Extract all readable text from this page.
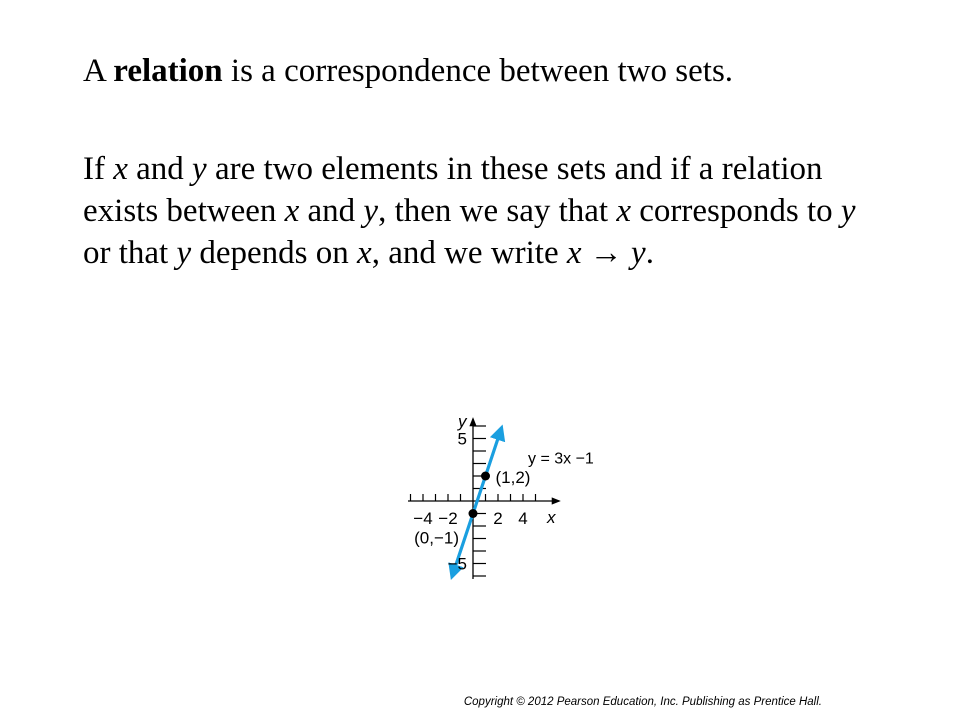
A relation is a correspondence between two sets.
If x and y are two elements in these sets and if a relation exists between x and y, then we say that x corresponds to y or that y depends on x, and we write x → y.
−4 −2 2 4
5
−5
x
y
y = 3x −1
(1,2)
(0,−1)
Copyright © 2012 Pearson Education, Inc. Publishing as Prentice Hall.
